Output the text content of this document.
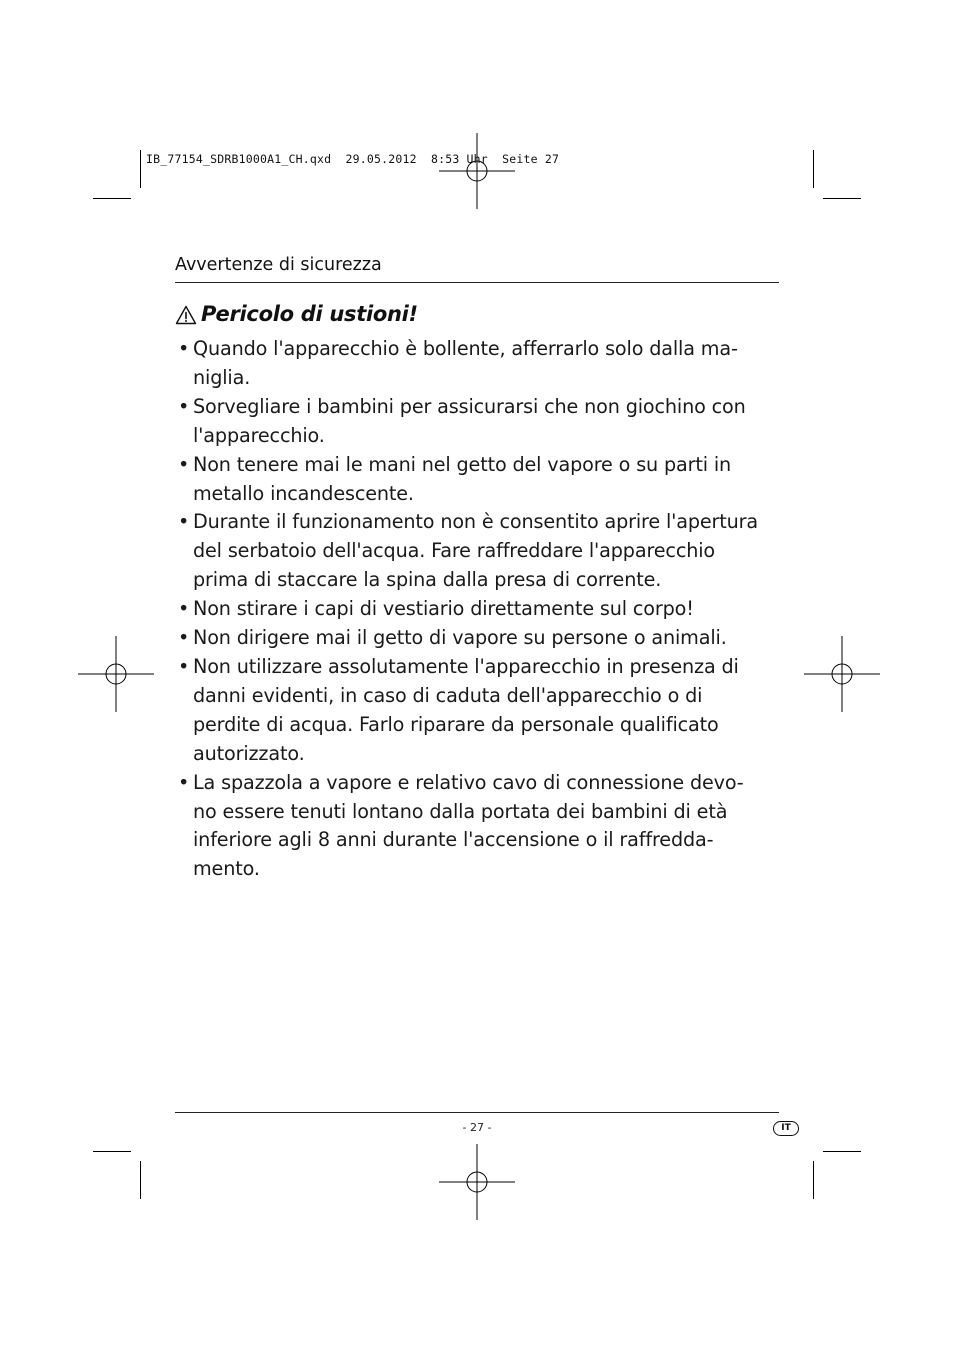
IB_77154_SDRB1000A1_CH.qxd  29.05.2012  8:53 Uhr  Seite 27
Avvertenze di sicurezza
Pericolo di ustioni!
• Quando l'apparecchio è bollente, afferrarlo solo dalla ma-
niglia.
• Sorvegliare i bambini per assicurarsi che non giochino con
l'apparecchio.
• Non tenere mai le mani nel getto del vapore o su parti in
metallo incandescente.
• Durante il funzionamento non è consentito aprire l'apertura
del serbatoio dell'acqua. Fare raffreddare l'apparecchio
prima di staccare la spina dalla presa di corrente.
• Non stirare i capi di vestiario direttamente sul corpo!
• Non dirigere mai il getto di vapore su persone o animali.
• Non utilizzare assolutamente l'apparecchio in presenza di
danni evidenti, in caso di caduta dell'apparecchio o di
perdite di acqua. Farlo riparare da personale qualificato
autorizzato.
• La spazzola a vapore e relativo cavo di connessione devo-
no essere tenuti lontano dalla portata dei bambini di età
inferiore agli 8 anni durante l'accensione o il raffredda-
mento.
- 27 -	IT
